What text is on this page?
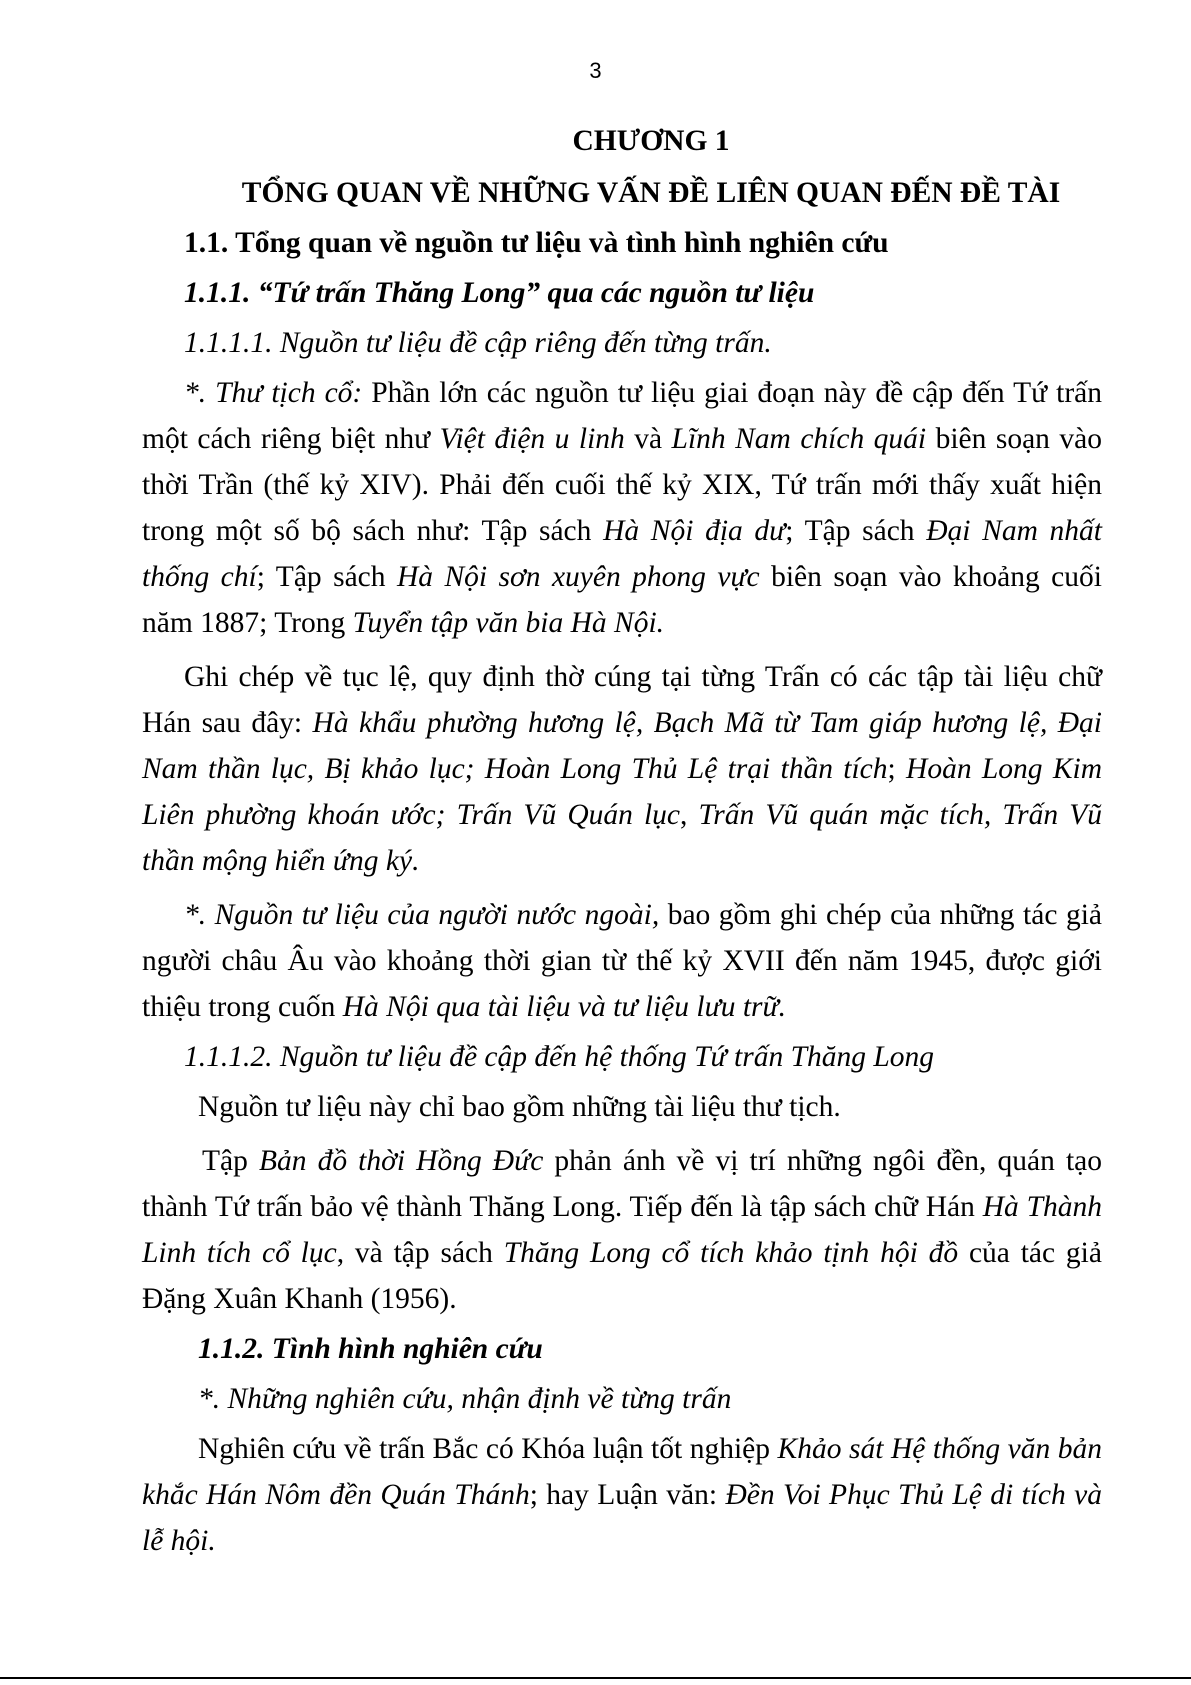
3
CHƯƠNG 1
TỔNG QUAN VỀ NHỮNG VẤN ĐỀ LIÊN QUAN ĐẾN ĐỀ TÀI
1.1. Tổng quan về nguồn tư liệu và tình hình nghiên cứu
1.1.1. “Tứ trấn Thăng Long” qua các nguồn tư liệu
1.1.1.1. Nguồn tư liệu đề cập riêng đến từng trấn.

*. Thư tịch cổ: Phần lớn các nguồn tư liệu giai đoạn này đề cập đến Tứ trấn một cách riêng biệt như Việt điện u linh và Lĩnh Nam chích quái biên soạn vào thời Trần (thế kỷ XIV). Phải đến cuối thế kỷ XIX, Tứ trấn mới thấy xuất hiện trong một số bộ sách như: Tập sách Hà Nội địa dư; Tập sách Đại Nam nhất thống chí; Tập sách Hà Nội sơn xuyên phong vực biên soạn vào khoảng cuối năm 1887; Trong Tuyển tập văn bia Hà Nội.

Ghi chép về tục lệ, quy định thờ cúng tại từng Trấn có các tập tài liệu chữ Hán sau đây: Hà khẩu phường hương lệ, Bạch Mã từ Tam giáp hương lệ, Đại Nam thần lục, Bị khảo lục; Hoàn Long Thủ Lệ trại thần tích; Hoàn Long Kim Liên phường khoán ước; Trấn Vũ Quán lục, Trấn Vũ quán mặc tích, Trấn Vũ thần mộng hiển ứng ký.

*. Nguồn tư liệu của người nước ngoài, bao gồm ghi chép của những tác giả người châu Âu vào khoảng thời gian từ thế kỷ XVII đến năm 1945, được giới thiệu trong cuốn Hà Nội qua tài liệu và tư liệu lưu trữ.

1.1.1.2. Nguồn tư liệu đề cập đến hệ thống Tứ trấn Thăng Long

Nguồn tư liệu này chỉ bao gồm những tài liệu thư tịch.

Tập Bản đồ thời Hồng Đức phản ánh về vị trí những ngôi đền, quán tạo thành Tứ trấn bảo vệ thành Thăng Long. Tiếp đến là tập sách chữ Hán Hà Thành Linh tích cổ lục, và tập sách Thăng Long cổ tích khảo tịnh hội đồ của tác giả Đặng Xuân Khanh (1956).

1.1.2. Tình hình nghiên cứu
*. Những nghiên cứu, nhận định về từng trấn

Nghiên cứu về trấn Bắc có Khóa luận tốt nghiệp Khảo sát Hệ thống văn bản khắc Hán Nôm đền Quán Thánh; hay Luận văn: Đền Voi Phục Thủ Lệ di tích và lễ hội.
